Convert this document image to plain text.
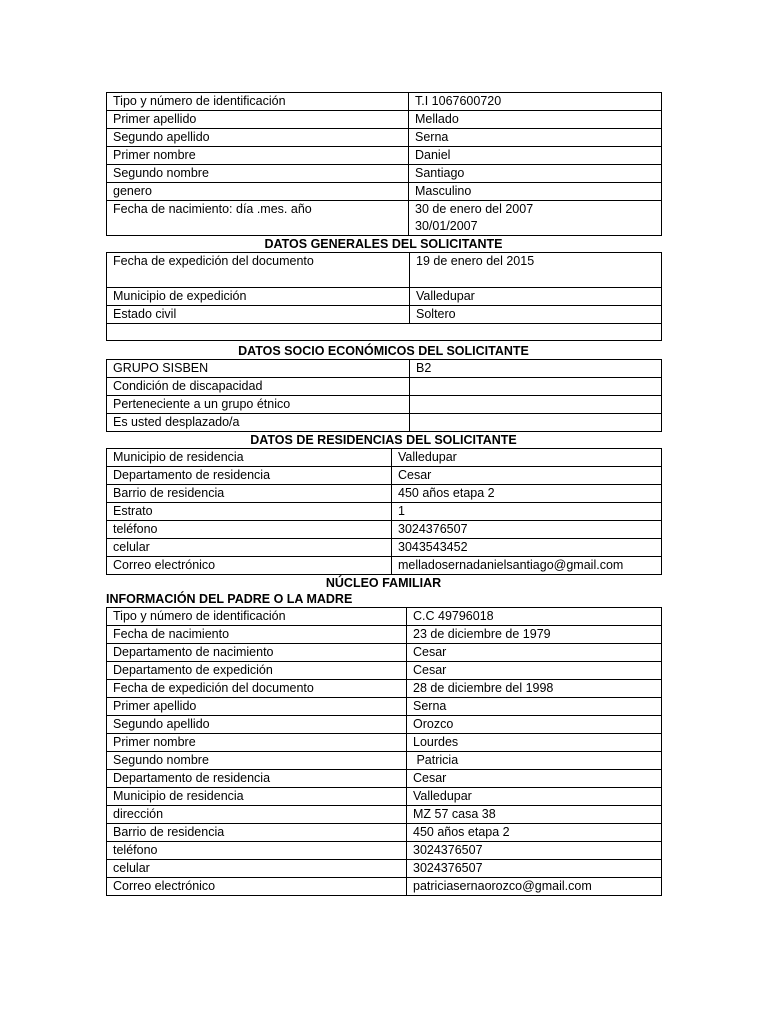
Tipo y número de identificación	T.I 1067600720
Primer apellido	Mellado
Segundo apellido	Serna
Primer nombre	Daniel
Segundo nombre	Santiago
genero	Masculino
Fecha de nacimiento: día .mes. año	30 de enero del 2007
30/01/2007
DATOS GENERALES DEL SOLICITANTE
Fecha de expedición del documento	19 de enero del 2015
Municipio de expedición	Valledupar
Estado civil	Soltero

DATOS SOCIO ECONÓMICOS DEL SOLICITANTE
GRUPO SISBEN	B2
Condición de discapacidad	
Perteneciente a un grupo étnico	
Es usted desplazado/a	
DATOS DE RESIDENCIAS DEL SOLICITANTE
Municipio de residencia	Valledupar
Departamento de residencia	Cesar
Barrio de residencia	450 años etapa 2
Estrato	1
teléfono	3024376507
celular	3043543452
Correo electrónico	melladosernadanielsantiago@gmail.com
NÚCLEO FAMILIAR
INFORMACIÓN DEL PADRE O LA MADRE
Tipo y número de identificación	C.C 49796018
Fecha de nacimiento	23 de diciembre de 1979
Departamento de nacimiento	Cesar
Departamento de expedición	Cesar
Fecha de expedición del documento	28 de diciembre del 1998
Primer apellido	Serna
Segundo apellido	Orozco
Primer nombre	Lourdes
Segundo nombre	Patricia
Departamento de residencia	Cesar
Municipio de residencia	Valledupar
dirección	MZ 57 casa 38
Barrio de residencia	450 años etapa 2
teléfono	3024376507
celular	3024376507
Correo electrónico	patriciasernaorozco@gmail.com
